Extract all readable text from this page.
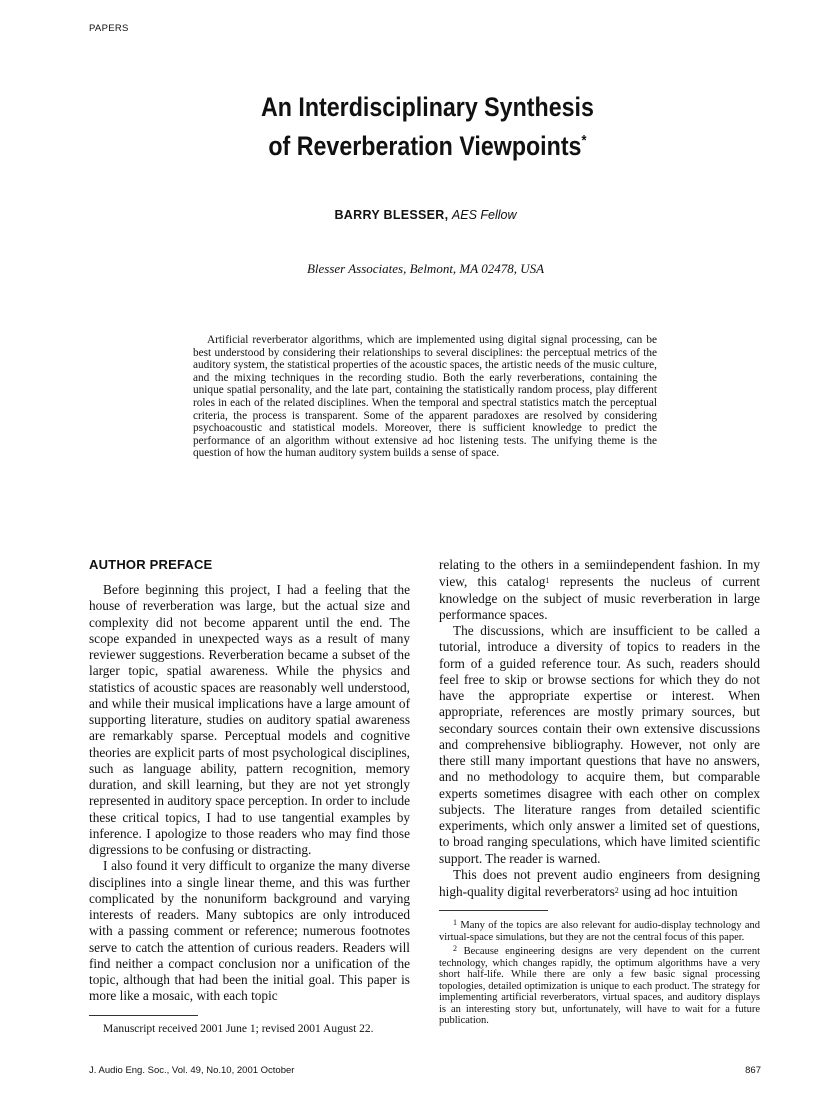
PAPERS
An Interdisciplinary Synthesis
of Reverberation Viewpoints*
BARRY BLESSER, AES Fellow
Blesser Associates, Belmont, MA 02478, USA

Artificial reverberator algorithms, which are implemented using digital signal processing, can be best understood by considering their relationships to several disciplines: the perceptual metrics of the auditory system, the statistical properties of the acoustic spaces, the artistic needs of the music culture, and the mixing techniques in the recording studio. Both the early reverberations, containing the unique spatial personality, and the late part, containing the statistically random process, play different roles in each of the related disciplines. When the temporal and spectral statistics match the perceptual criteria, the process is transparent. Some of the apparent paradoxes are resolved by considering psychoacoustic and statistical models. Moreover, there is sufficient knowledge to predict the performance of an algorithm without extensive ad hoc listening tests. The unifying theme is the question of how the human auditory system builds a sense of space.

AUTHOR PREFACE

Before beginning this project, I had a feeling that the house of reverberation was large, but the actual size and complexity did not become apparent until the end. The scope expanded in unexpected ways as a result of many reviewer suggestions. Reverberation became a subset of the larger topic, spatial awareness. While the physics and statistics of acoustic spaces are reasonably well understood, and while their musical implications have a large amount of supporting literature, studies on auditory spatial awareness are remarkably sparse. Perceptual models and cognitive theories are explicit parts of most psychological disciplines, such as language ability, pattern recognition, memory duration, and skill learning, but they are not yet strongly represented in auditory space perception. In order to include these critical topics, I had to use tangential examples by inference. I apologize to those readers who may find those digressions to be confusing or distracting.

I also found it very difficult to organize the many diverse disciplines into a single linear theme, and this was further complicated by the nonuniform background and varying interests of readers. Many subtopics are only introduced with a passing comment or reference; numerous footnotes serve to catch the attention of curious readers. Readers will find neither a compact conclusion nor a unification of the topic, although that had been the initial goal. This paper is more like a mosaic, with each topic

Manuscript received 2001 June 1; revised 2001 August 22.

relating to the others in a semiindependent fashion. In my view, this catalog$^1$ represents the nucleus of current knowledge on the subject of music reverberation in large performance spaces.

The discussions, which are insufficient to be called a tutorial, introduce a diversity of topics to readers in the form of a guided reference tour. As such, readers should feel free to skip or browse sections for which they do not have the appropriate expertise or interest. When appropriate, references are mostly primary sources, but secondary sources contain their own extensive discussions and comprehensive bibliography. However, not only are there still many important questions that have no answers, and no methodology to acquire them, but comparable experts sometimes disagree with each other on complex subjects. The literature ranges from detailed scientific experiments, which only answer a limited set of questions, to broad ranging speculations, which have limited scientific support. The reader is warned.

This does not prevent audio engineers from designing high-quality digital reverberators$^2$ using ad hoc intuition

$^1$ Many of the topics are also relevant for audio-display technology and virtual-space simulations, but they are not the central focus of this paper.

$^2$ Because engineering designs are very dependent on the current technology, which changes rapidly, the optimum algorithms have a very short half-life. While there are only a few basic signal processing topologies, detailed optimization is unique to each product. The strategy for implementing artificial reverberators, virtual spaces, and auditory displays is an interesting story but, unfortunately, will have to wait for a future publication.

J. Audio Eng. Soc., Vol. 49, No.10, 2001 October	867
